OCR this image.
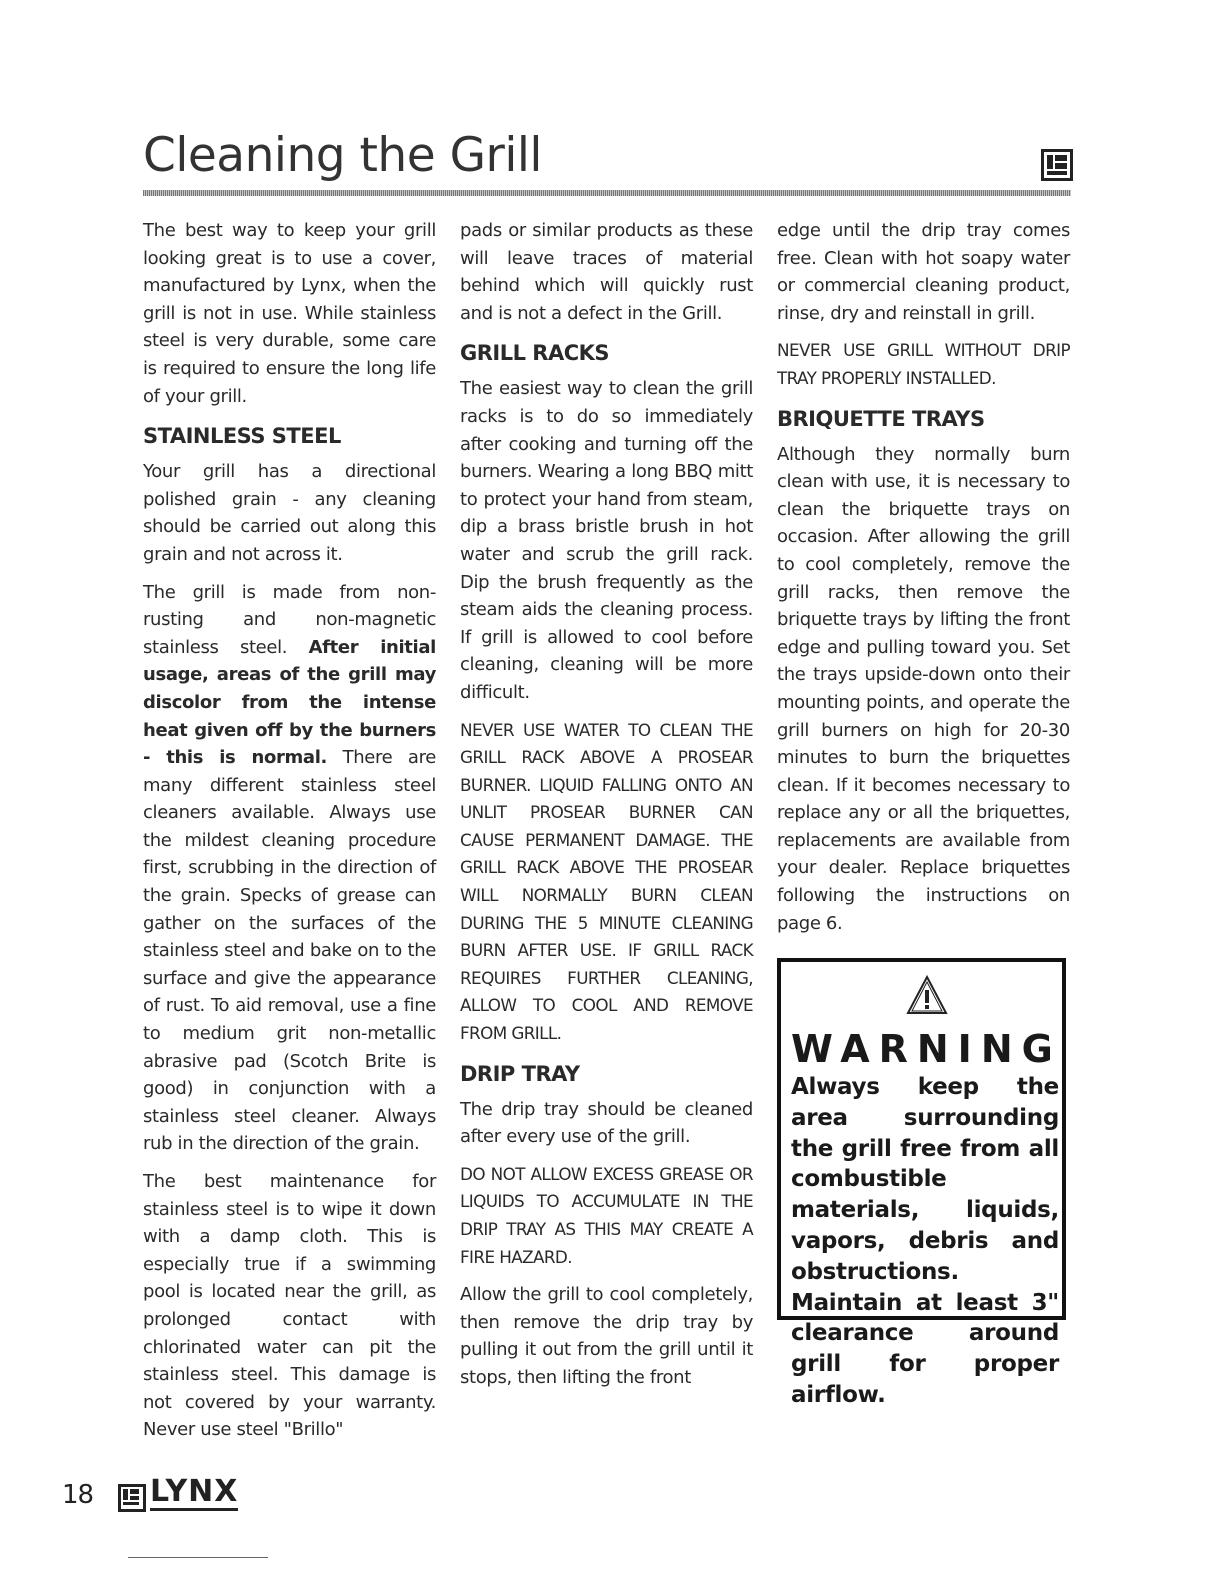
Cleaning the Grill

The best way to keep your grill looking great is to use a cover, manufactured by Lynx, when the grill is not in use. While stainless steel is very durable, some care is required to ensure the long life of your grill.

STAINLESS STEEL

Your grill has a directional polished grain - any cleaning should be carried out along this grain and not across it.

The grill is made from non-rusting and non-magnetic stainless steel. After initial usage, areas of the grill may discolor from the intense heat given off by the burners - this is normal. There are many different stainless steel cleaners available. Always use the mildest cleaning procedure first, scrubbing in the direction of the grain. Specks of grease can gather on the surfaces of the stainless steel and bake on to the surface and give the appearance of rust. To aid removal, use a fine to medium grit non-metallic abrasive pad (Scotch Brite is good) in conjunction with a stainless steel cleaner. Always rub in the direction of the grain.

The best maintenance for stainless steel is to wipe it down with a damp cloth. This is especially true if a swimming pool is located near the grill, as prolonged contact with chlorinated water can pit the stainless steel. This damage is not covered by your warranty. Never use steel "Brillo"

pads or similar products as these will leave traces of material behind which will quickly rust and is not a defect in the Grill.

GRILL RACKS

The easiest way to clean the grill racks is to do so immediately after cooking and turning off the burners. Wearing a long BBQ mitt to protect your hand from steam, dip a brass bristle brush in hot water and scrub the grill rack. Dip the brush frequently as the steam aids the cleaning process. If grill is allowed to cool before cleaning, cleaning will be more difficult.

NEVER USE WATER TO CLEAN THE GRILL RACK ABOVE A PROSEAR BURNER. LIQUID FALLING ONTO AN UNLIT PROSEAR BURNER CAN CAUSE PERMANENT DAMAGE. THE GRILL RACK ABOVE THE PROSEAR WILL NORMALLY BURN CLEAN DURING THE 5 MINUTE CLEANING BURN AFTER USE. IF GRILL RACK REQUIRES FURTHER CLEANING, ALLOW TO COOL AND REMOVE FROM GRILL.

DRIP TRAY

The drip tray should be cleaned after every use of the grill.

DO NOT ALLOW EXCESS GREASE OR LIQUIDS TO ACCUMULATE IN THE DRIP TRAY AS THIS MAY CREATE A FIRE HAZARD.

Allow the grill to cool completely, then remove the drip tray by pulling it out from the grill until it stops, then lifting the front

edge until the drip tray comes free. Clean with hot soapy water or commercial cleaning product, rinse, dry and reinstall in grill.

NEVER USE GRILL WITHOUT DRIP TRAY PROPERLY INSTALLED.

BRIQUETTE TRAYS

Although they normally burn clean with use, it is necessary to clean the briquette trays on occasion. After allowing the grill to cool completely, remove the grill racks, then remove the briquette trays by lifting the front edge and pulling toward you. Set the trays upside-down onto their mounting points, and operate the grill burners on high for 20-30 minutes to burn the briquettes clean. If it becomes necessary to replace any or all the briquettes, replacements are available from your dealer. Replace briquettes following the instructions on page 6.

WARNING
Always keep the area surrounding the grill free from all combustible materials, liquids, vapors, debris and obstructions. Maintain at least 3" clearance around grill for proper airflow.
18 LYNX
